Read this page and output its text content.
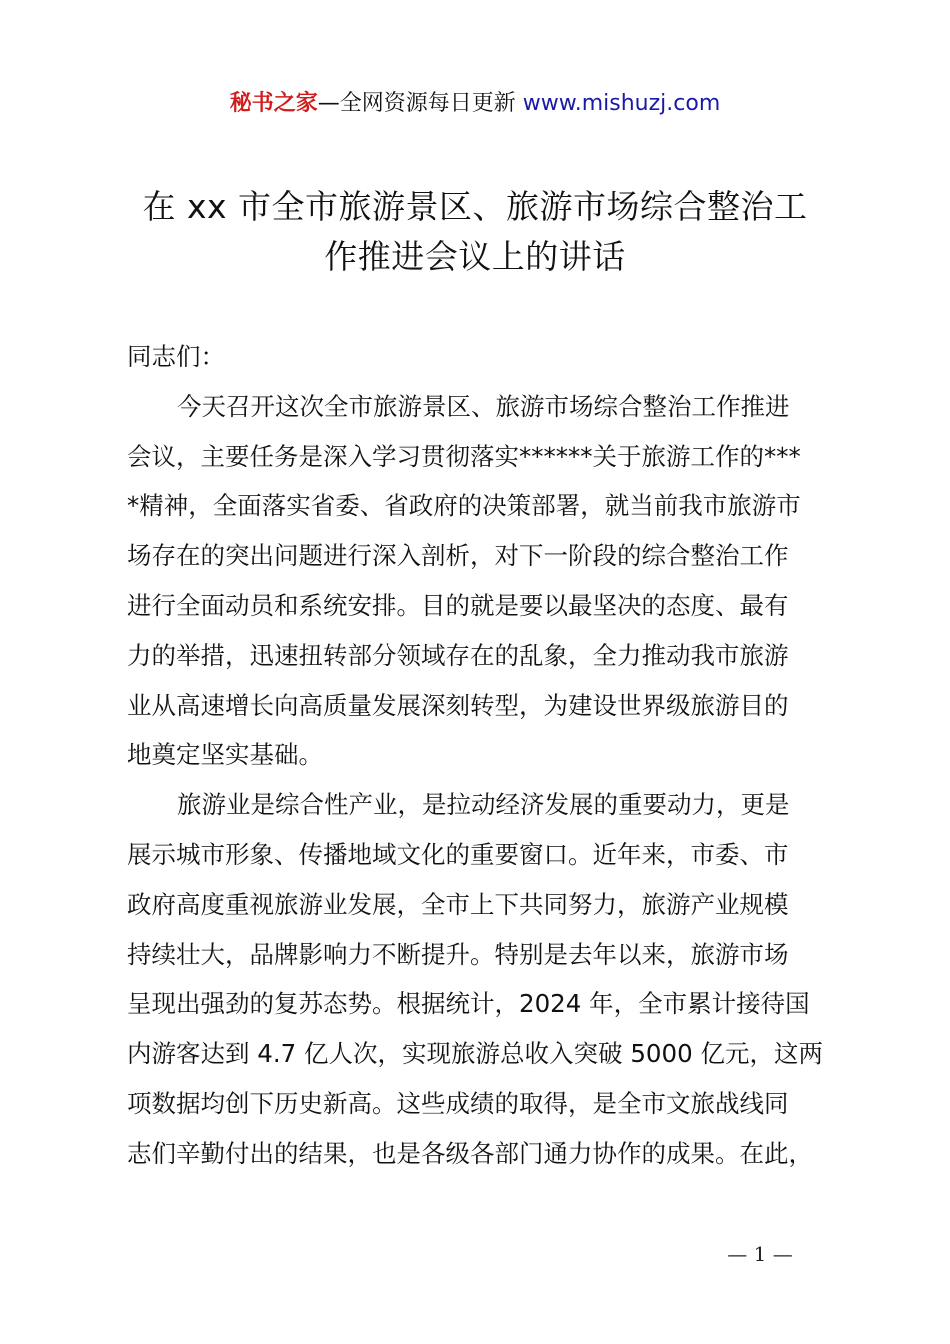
秘书之家—全网资源每日更新 www.mishuzj.com
在 xx 市全市旅游景区、旅游市场综合整治工
作推进会议上的讲话

同志们：

今天召开这次全市旅游景区、旅游市场综合整治工作推进
会议，主要任务是深入学习贯彻落实******关于旅游工作的***
*精神，全面落实省委、省政府的决策部署，就当前我市旅游市
场存在的突出问题进行深入剖析，对下一阶段的综合整治工作
进行全面动员和系统安排。目的就是要以最坚决的态度、最有
力的举措，迅速扭转部分领域存在的乱象，全力推动我市旅游
业从高速增长向高质量发展深刻转型，为建设世界级旅游目的
地奠定坚实基础。

旅游业是综合性产业，是拉动经济发展的重要动力，更是
展示城市形象、传播地域文化的重要窗口。近年来，市委、市
政府高度重视旅游业发展，全市上下共同努力，旅游产业规模
持续壮大，品牌影响力不断提升。特别是去年以来，旅游市场
呈现出强劲的复苏态势。根据统计，2024 年，全市累计接待国
内游客达到 4.7 亿人次，实现旅游总收入突破 5000 亿元，这两
项数据均创下历史新高。这些成绩的取得，是全市文旅战线同
志们辛勤付出的结果，也是各级各部门通力协作的成果。在此，

— 1 —
